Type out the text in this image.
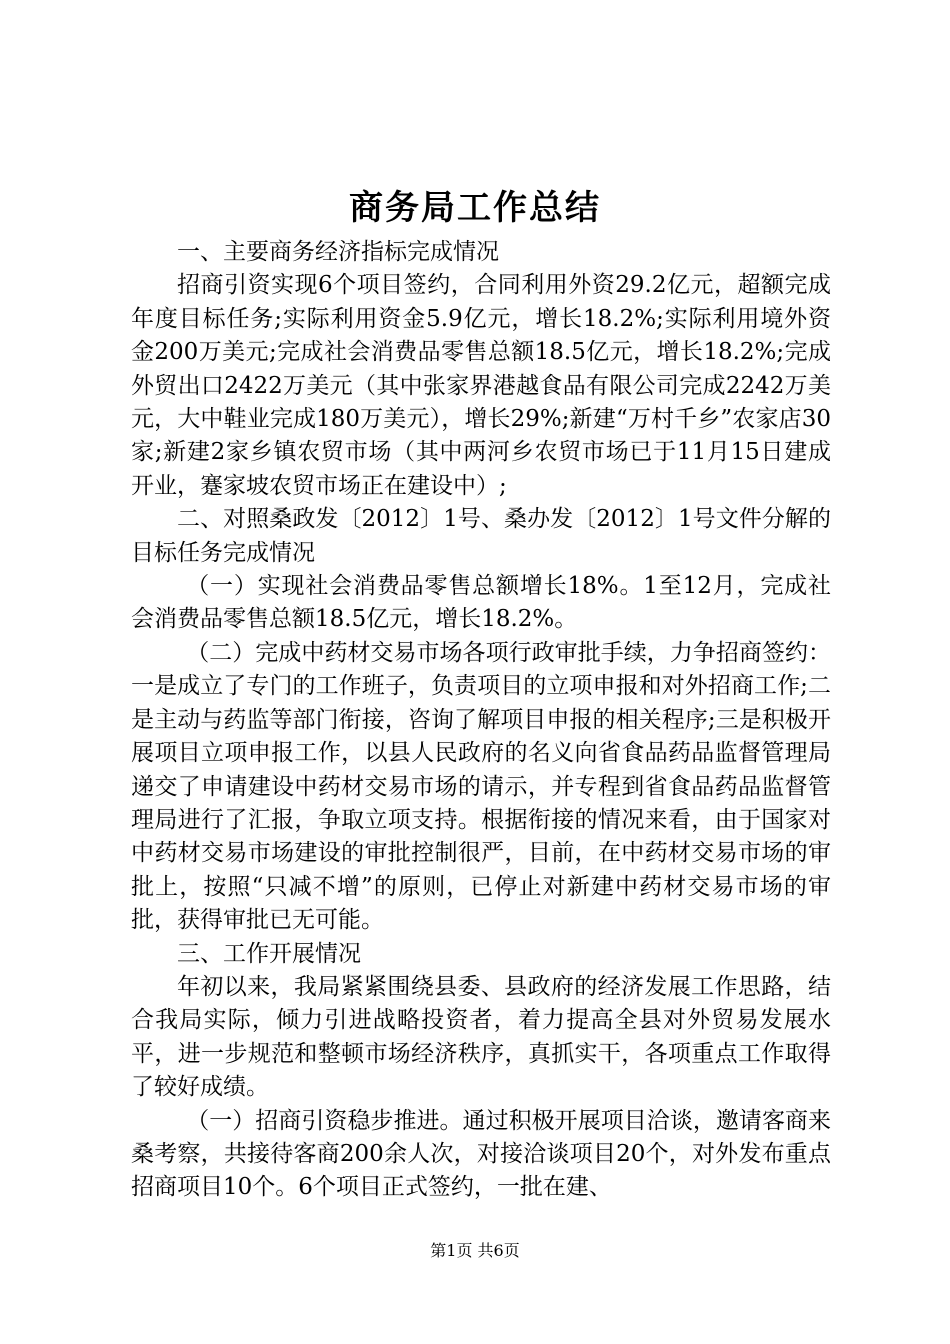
商务局工作总结

一、主要商务经济指标完成情况

招商引资实现6个项目签约，合同利用外资29.2亿元，超额完成年度目标任务;实际利用资金5.9亿元，增长18.2%;实际利用境外资金200万美元;完成社会消费品零售总额18.5亿元，增长18.2%;完成外贸出口2422万美元（其中张家界港越食品有限公司完成2242万美元，大中鞋业完成180万美元），增长29%;新建“万村千乡”农家店30家;新建2家乡镇农贸市场（其中两河乡农贸市场已于11月15日建成开业，蹇家坡农贸市场正在建设中）;

二、对照桑政发〔2012〕1号、桑办发〔2012〕1号文件分解的目标任务完成情况

（一）实现社会消费品零售总额增长18%。1至12月，完成社会消费品零售总额18.5亿元，增长18.2%。

（二）完成中药材交易市场各项行政审批手续，力争招商签约：一是成立了专门的工作班子，负责项目的立项申报和对外招商工作;二是主动与药监等部门衔接，咨询了解项目申报的相关程序;三是积极开展项目立项申报工作，以县人民政府的名义向省食品药品监督管理局递交了申请建设中药材交易市场的请示，并专程到省食品药品监督管理局进行了汇报，争取立项支持。根据衔接的情况来看，由于国家对中药材交易市场建设的审批控制很严，目前，在中药材交易市场的审批上，按照“只减不增”的原则，已停止对新建中药材交易市场的审批，获得审批已无可能。

三、工作开展情况

年初以来，我局紧紧围绕县委、县政府的经济发展工作思路，结合我局实际，倾力引进战略投资者，着力提高全县对外贸易发展水平，进一步规范和整顿市场经济秩序，真抓实干，各项重点工作取得了较好成绩。

（一）招商引资稳步推进。通过积极开展项目洽谈，邀请客商来桑考察，共接待客商200余人次，对接洽谈项目20个，对外发布重点招商项目10个。6个项目正式签约，一批在建、

第1页 共6页
